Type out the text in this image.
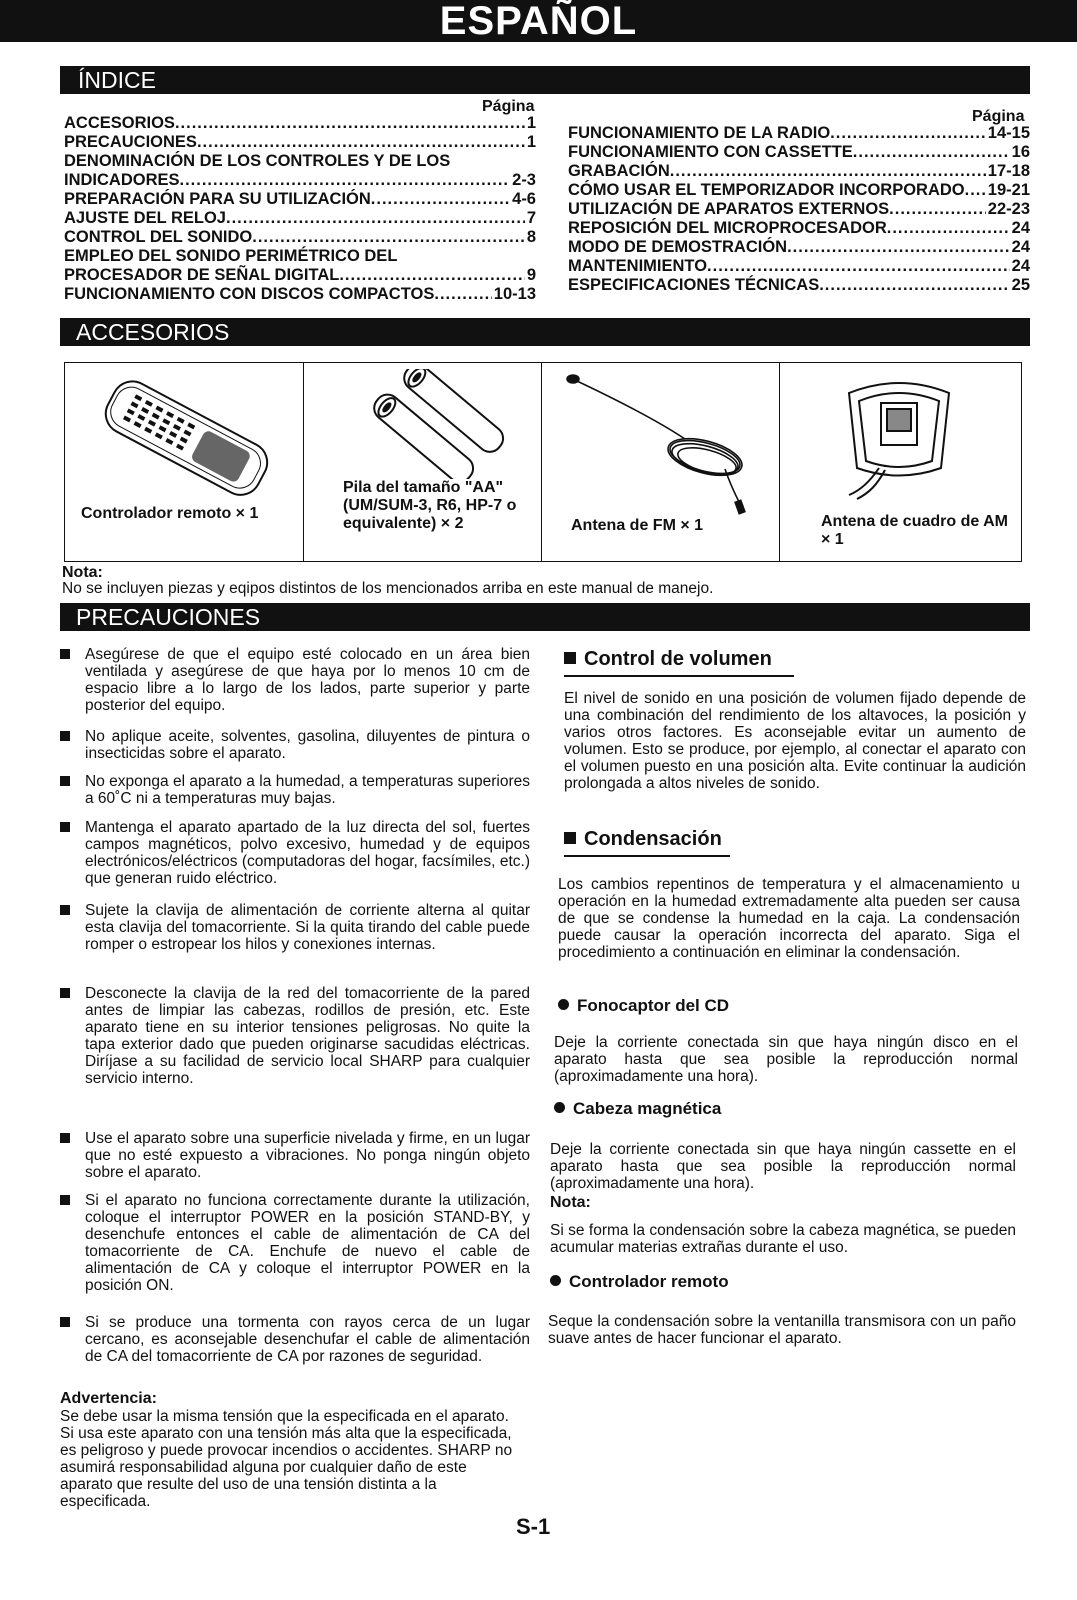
ESPAÑOL
ÍNDICE
Página
ACCESORIOS .....	1
PRECAUCIONES .....	1
DENOMINACIÓN DE LOS CONTROLES Y DE LOS
INDICADORES .....	2-3
PREPARACIÓN PARA SU UTILIZACIÓN .....	4-6
AJUSTE DEL RELOJ .....	7
CONTROL DEL SONIDO .....	8
EMPLEO DEL SONIDO PERIMÉTRICO DEL
PROCESADOR DE SEÑAL DIGITAL .....	9
FUNCIONAMIENTO CON DISCOS COMPACTOS .....	10-13
Página
FUNCIONAMIENTO DE LA RADIO .....	14-15
FUNCIONAMIENTO CON CASSETTE .....	16
GRABACIÓN .....	17-18
CÓMO USAR EL TEMPORIZADOR INCORPORADO ..... 19-21
UTILIZACIÓN DE APARATOS EXTERNOS .....	22-23
REPOSICIÓN DEL MICROPROCESADOR .....	24
MODO DE DEMOSTRACIÓN .....	24
MANTENIMIENTO .....	24
ESPECIFICACIONES TÉCNICAS .....	25
ACCESORIOS
Controlador remoto × 1
Pila del tamaño "AA" (UM/SUM-3, R6, HP-7 o equivalente) × 2	Antena de FM × 1	Antena de cuadro de AM × 1
Nota:
No se incluyen piezas y eqipos distintos de los mencionados arriba en este manual de manejo.
PRECAUCIONES
Asegúrese de que el equipo esté colocado en un área bien ventilada y asegúrese de que haya por lo menos 10 cm de espacio libre a lo largo de los lados, parte superior y parte posterior del equipo.
No aplique aceite, solventes, gasolina, diluyentes de pintura o insecticidas sobre el aparato.
No exponga el aparato a la humedad, a temperaturas superiores a 60˚C ni a temperaturas muy bajas.
Mantenga el aparato apartado de la luz directa del sol, fuertes campos magnéticos, polvo excesivo, humedad y de equipos electrónicos/eléctricos (computadoras del hogar, facsímiles, etc.) que generan ruido eléctrico.
Sujete la clavija de alimentación de corriente alterna al quitar esta clavija del tomacorriente. Si la quita tirando del cable puede romper o estropear los hilos y conexiones internas.
Desconecte la clavija de la red del tomacorriente de la pared antes de limpiar las cabezas, rodillos de presión, etc. Este aparato tiene en su interior tensiones peligrosas. No quite la tapa exterior dado que pueden originarse sacudidas eléctricas. Diríjase a su facilidad de servicio local SHARP para cualquier servicio interno.
Use el aparato sobre una superficie nivelada y firme, en un lugar que no esté expuesto a vibraciones. No ponga ningún objeto sobre el aparato.
Si el aparato no funciona correctamente durante la utilización, coloque el interruptor POWER en la posición STAND-BY, y desenchufe entonces el cable de alimentación de CA del tomacorriente de CA. Enchufe de nuevo el cable de alimentación de CA y coloque el interruptor POWER en la posición ON.
Si se produce una tormenta con rayos cerca de un lugar cercano, es aconsejable desenchufar el cable de alimentación de CA del tomacorriente de CA por razones de seguridad.
Advertencia:
Se debe usar la misma tensión que la especificada en el aparato. Si usa este aparato con una tensión más alta que la especificada, es peligroso y puede provocar incendios o accidentes. SHARP no asumirá responsabilidad alguna por cualquier daño de este aparato que resulte del uso de una tensión distinta a la especificada.
Control de volumen
El nivel de sonido en una posición de volumen fijado depende de una combinación del rendimiento de los altavoces, la posición y varios otros factores. Es aconsejable evitar un aumento de volumen. Esto se produce, por ejemplo, al conectar el aparato con el volumen puesto en una posición alta. Evite continuar la audición prolongada a altos niveles de sonido.
Condensación
Los cambios repentinos de temperatura y el almacenamiento u operación en la humedad extremadamente alta pueden ser causa de que se condense la humedad en la caja. La condensación puede causar la operación incorrecta del aparato. Siga el procedimiento a continuación en eliminar la condensación.
Fonocaptor del CD
Deje la corriente conectada sin que haya ningún disco en el aparato hasta que sea posible la reproducción normal (aproximadamente una hora).
Cabeza magnética
Deje la corriente conectada sin que haya ningún cassette en el aparato hasta que sea posible la reproducción normal (aproximadamente una hora).
Nota:
Si se forma la condensación sobre la cabeza magnética, se pueden acumular materias extrañas durante el uso.
Controlador remoto
Seque la condensación sobre la ventanilla transmisora con un paño suave antes de hacer funcionar el aparato.
S-1
